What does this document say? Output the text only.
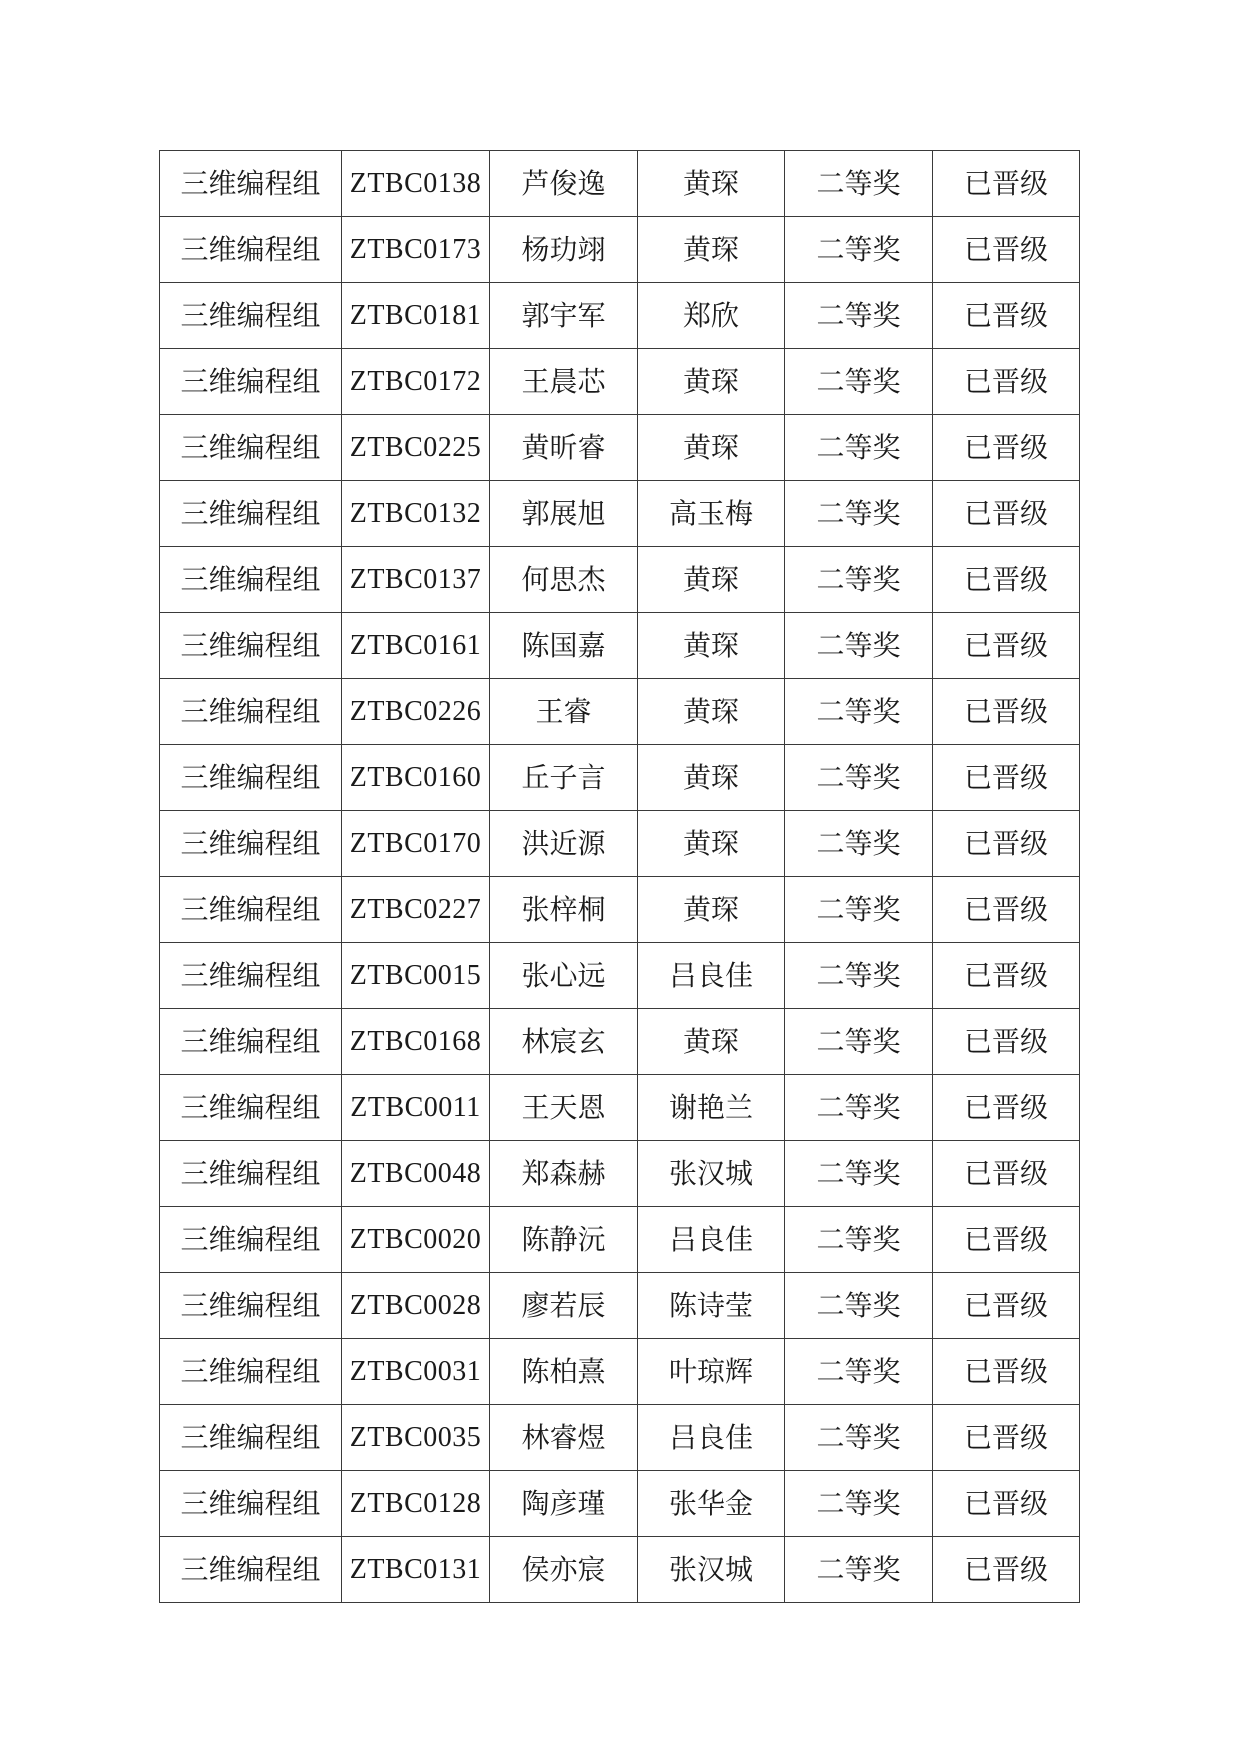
三维编程组	ZTBC0138	芦俊逸	黄琛	二等奖	已晋级
三维编程组	ZTBC0173	杨玏翊	黄琛	二等奖	已晋级
三维编程组	ZTBC0181	郭宇军	郑欣	二等奖	已晋级
三维编程组	ZTBC0172	王晨芯	黄琛	二等奖	已晋级
三维编程组	ZTBC0225	黄昕睿	黄琛	二等奖	已晋级
三维编程组	ZTBC0132	郭展旭	高玉梅	二等奖	已晋级
三维编程组	ZTBC0137	何思杰	黄琛	二等奖	已晋级
三维编程组	ZTBC0161	陈国嘉	黄琛	二等奖	已晋级
三维编程组	ZTBC0226	王睿	黄琛	二等奖	已晋级
三维编程组	ZTBC0160	丘子言	黄琛	二等奖	已晋级
三维编程组	ZTBC0170	洪近源	黄琛	二等奖	已晋级
三维编程组	ZTBC0227	张梓桐	黄琛	二等奖	已晋级
三维编程组	ZTBC0015	张心远	吕良佳	二等奖	已晋级
三维编程组	ZTBC0168	林宸玄	黄琛	二等奖	已晋级
三维编程组	ZTBC0011	王天恩	谢艳兰	二等奖	已晋级
三维编程组	ZTBC0048	郑森赫	张汉城	二等奖	已晋级
三维编程组	ZTBC0020	陈静沅	吕良佳	二等奖	已晋级
三维编程组	ZTBC0028	廖若辰	陈诗莹	二等奖	已晋级
三维编程组	ZTBC0031	陈柏熹	叶琼辉	二等奖	已晋级
三维编程组	ZTBC0035	林睿煜	吕良佳	二等奖	已晋级
三维编程组	ZTBC0128	陶彦瑾	张华金	二等奖	已晋级
三维编程组	ZTBC0131	侯亦宸	张汉城	二等奖	已晋级
